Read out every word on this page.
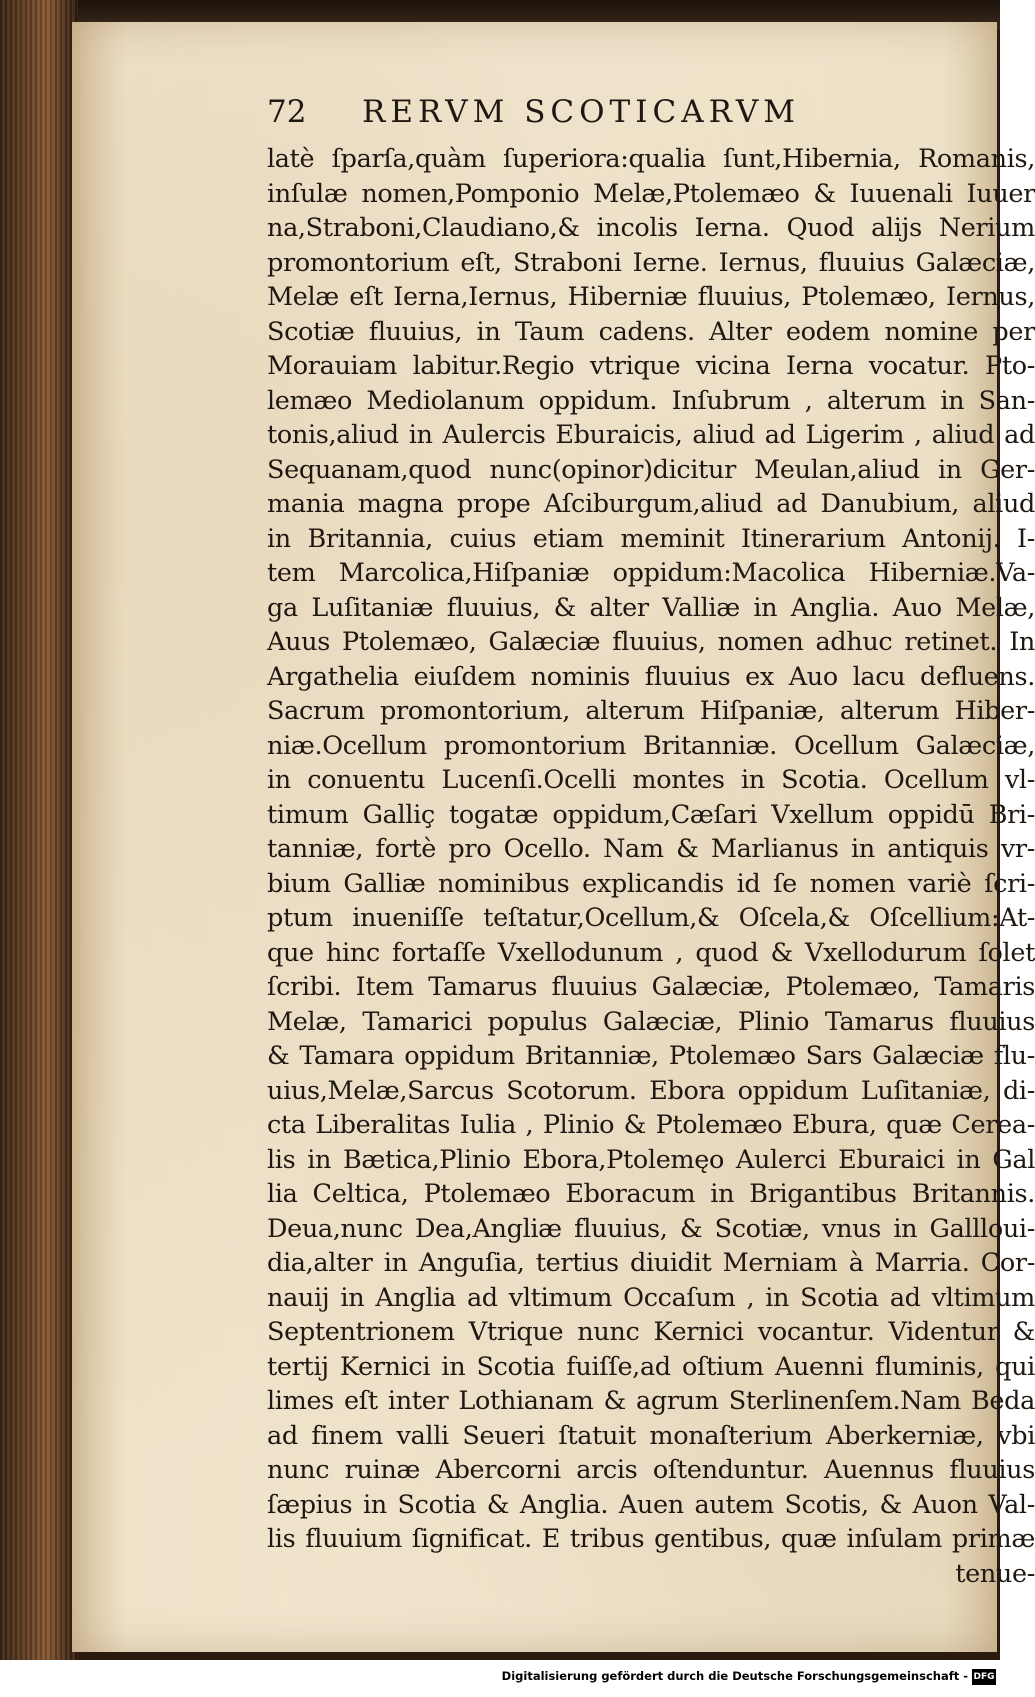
72 RERVM SCOTICARVM
latè ſparſa,quàm ſuperiora:qualia ſunt,Hibernia, Romanis,
inſulæ nomen,Pomponio Melæ,Ptolemæo & Iuuenali Iuuer
na,Straboni,Claudiano,& incolis Ierna. Quod alijs Nerium
promontorium eſt, Straboni Ierne. Iernus, fluuius Galæciæ,
Melæ eſt Ierna,Iernus, Hiberniæ fluuius, Ptolemæo, Iernus,
Scotiæ fluuius, in Taum cadens. Alter eodem nomine per
Morauiam labitur.Regio vtrique vicina Ierna vocatur. Pto-
lemæo Mediolanum oppidum. Inſubrum , alterum in San-
tonis,aliud in Aulercis Eburaicis, aliud ad Ligerim , aliud ad
Sequanam,quod nunc(opinor)dicitur Meulan,aliud in Ger-
mania magna prope Aſciburgum,aliud ad Danubium, aliud
in Britannia, cuius etiam meminit Itinerarium Antonij. I-
tem Marcolica,Hiſpaniæ oppidum:Macolica Hiberniæ.Va-
ga Luſitaniæ fluuius, & alter Valliæ in Anglia. Auo Melæ,
Auus Ptolemæo, Galæciæ fluuius, nomen adhuc retinet. In
Argathelia eiuſdem nominis fluuius ex Auo lacu defluens.
Sacrum promontorium, alterum Hiſpaniæ, alterum Hiber-
niæ.Ocellum promontorium Britanniæ. Ocellum Galæciæ,
in conuentu Lucenſi.Ocelli montes in Scotia. Ocellum vl-
timum Galliç togatæ oppidum,Cæſari Vxellum oppidū Bri-
tanniæ, fortè pro Ocello. Nam & Marlianus in antiquis vr-
bium Galliæ nominibus explicandis id ſe nomen variè ſcri-
ptum inueniſſe teſtatur,Ocellum,& Oſcela,& Oſcellium:At-
que hinc fortaſſe Vxellodunum , quod & Vxellodurum ſolet
ſcribi. Item Tamarus fluuius Galæciæ, Ptolemæo, Tamaris
Melæ, Tamarici populus Galæciæ, Plinio Tamarus fluuius
& Tamara oppidum Britanniæ, Ptolemæo Sars Galæciæ flu-
uius,Melæ,Sarcus Scotorum. Ebora oppidum Luſitaniæ, di-
cta Liberalitas Iulia , Plinio & Ptolemæo Ebura, quæ Cerea-
lis in Bætica,Plinio Ebora,Ptolemęo Aulerci Eburaici in Gal
lia Celtica, Ptolemæo Eboracum in Brigantibus Britannis.
Deua,nunc Dea,Angliæ fluuius, & Scotiæ, vnus in Gallloui-
dia,alter in Anguſia, tertius diuidit Merniam à Marria. Cor-
nauij in Anglia ad vltimum Occaſum , in Scotia ad vltimum
Septentrionem Vtrique nunc Kernici vocantur. Videntur &
tertij Kernici in Scotia fuiſſe,ad oſtium Auenni fluminis, qui
limes eſt inter Lothianam & agrum Sterlinenſem.Nam Beda
ad finem valli Seueri ſtatuit monaſterium Aberkerniæ, vbi
nunc ruinæ Abercorni arcis oſtenduntur. Auennus fluuius
ſæpius in Scotia & Anglia. Auen autem Scotis, & Auon Val-
lis fluuium ſignificat. E tribus gentibus, quæ inſulam primæ
tenue-
Digitalisierung gefördert durch die Deutsche Forschungsgemeinschaft - DFG
